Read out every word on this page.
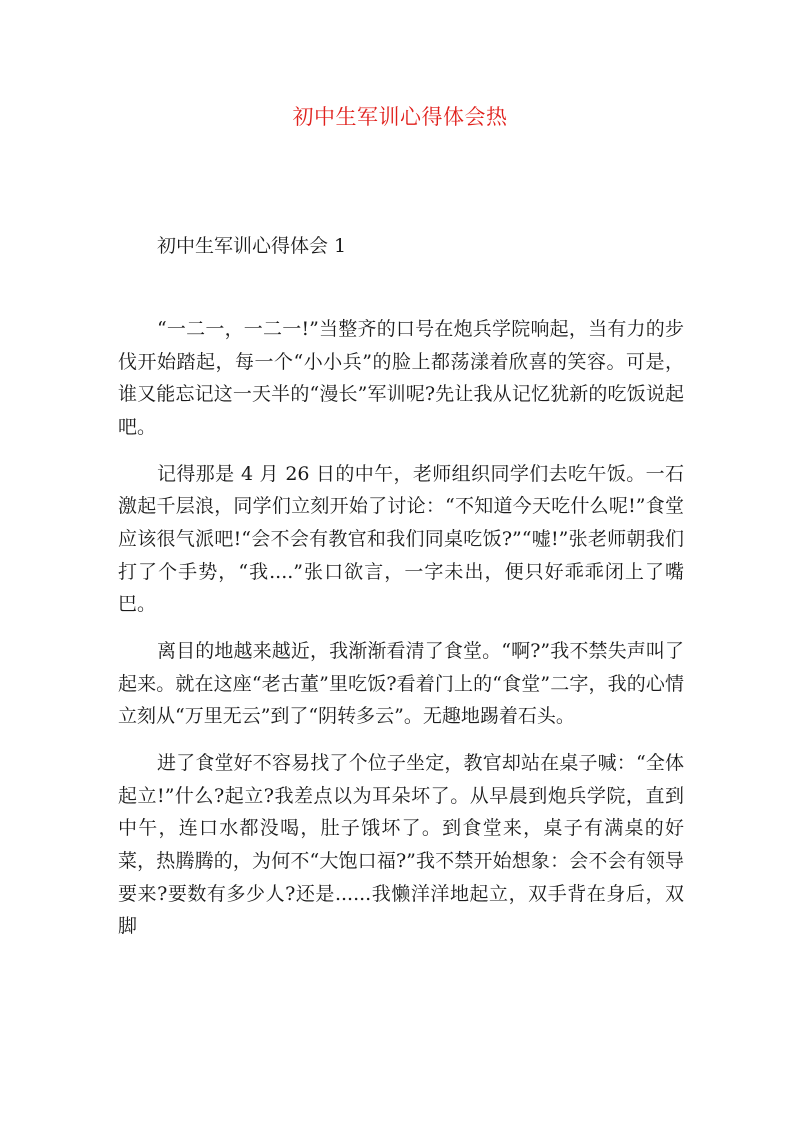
初中生军训心得体会热
初中生军训心得体会 1

“一二一，一二一!”当整齐的口号在炮兵学院响起，当有力的步伐开始踏起，每一个“小小兵”的脸上都荡漾着欣喜的笑容。可是，谁又能忘记这一天半的“漫长”军训呢?先让我从记忆犹新的吃饭说起吧。

记得那是 4 月 26 日的中午，老师组织同学们去吃午饭。一石激起千层浪，同学们立刻开始了讨论：“不知道今天吃什么呢!”食堂应该很气派吧!“会不会有教官和我们同桌吃饭?”“嘘!”张老师朝我们打了个手势，“我....”张口欲言，一字未出，便只好乖乖闭上了嘴巴。

离目的地越来越近，我渐渐看清了食堂。“啊?”我不禁失声叫了起来。就在这座“老古董”里吃饭?看着门上的“食堂”二字，我的心情立刻从“万里无云”到了“阴转多云”。无趣地踢着石头。

进了食堂好不容易找了个位子坐定，教官却站在桌子喊：“全体起立!”什么?起立?我差点以为耳朵坏了。从早晨到炮兵学院，直到中午，连口水都没喝，肚子饿坏了。到食堂来，桌子有满桌的好菜，热腾腾的，为何不“大饱口福?”我不禁开始想象：会不会有领导要来?要数有多少人?还是......我懒洋洋地起立，双手背在身后，双脚
